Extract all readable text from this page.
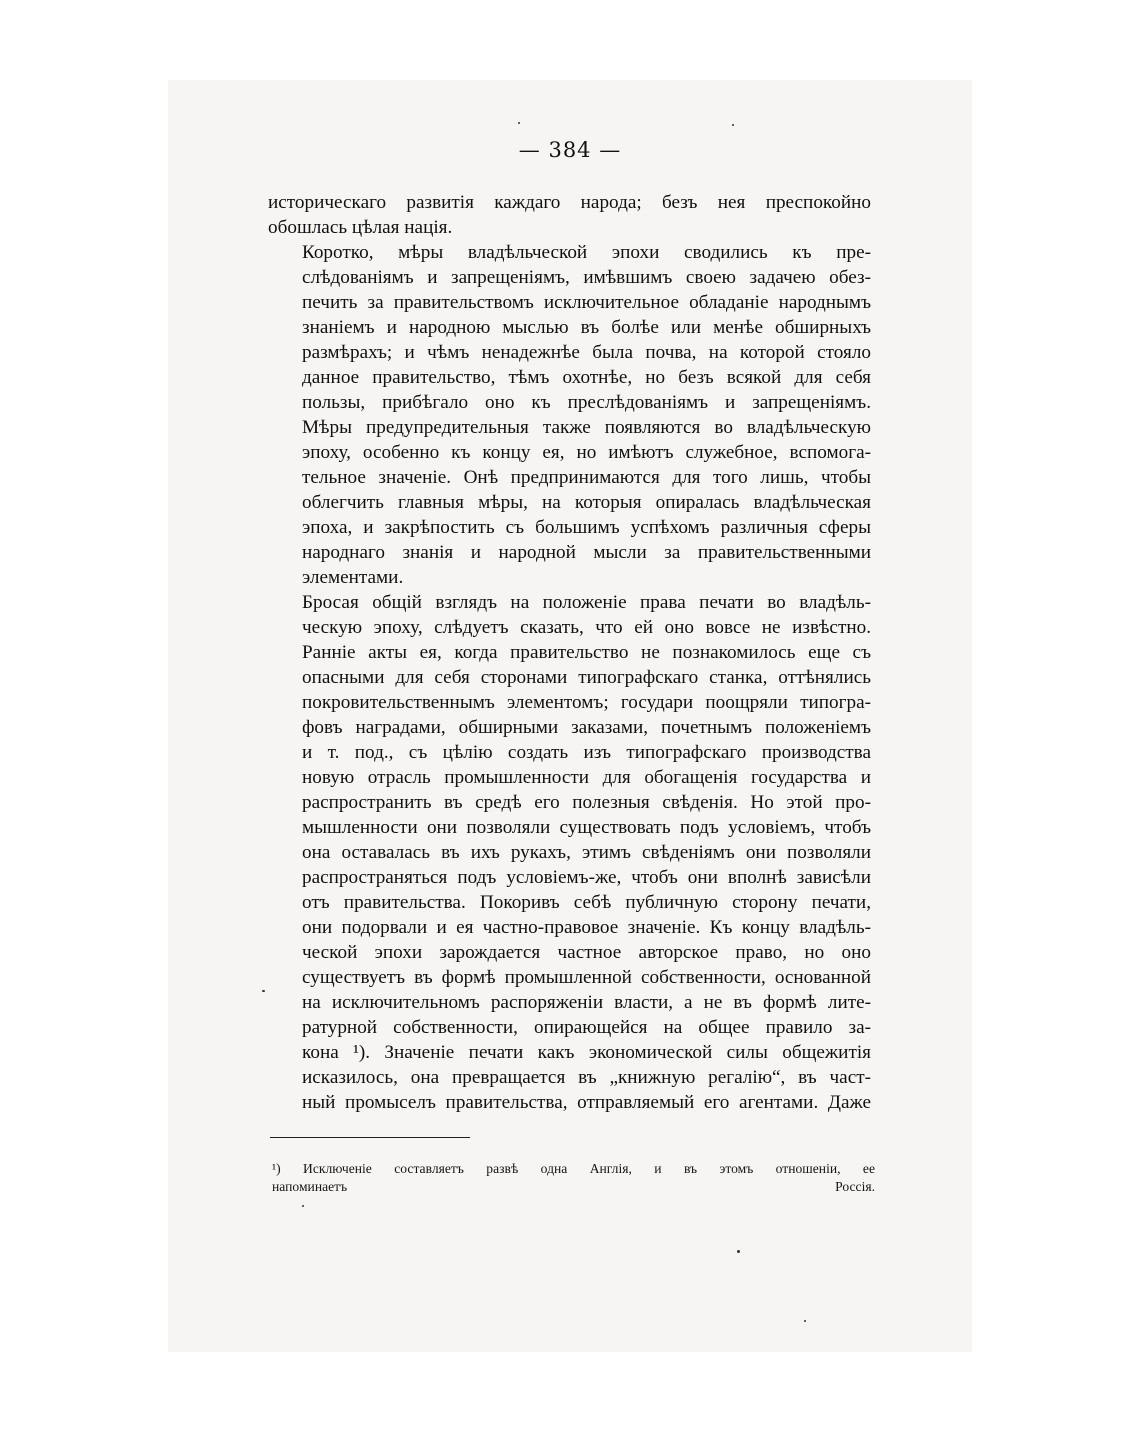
— 384 —

историческаго развитія каждаго народа; безъ нея преспокойно
обошлась цѣлая нація.

Коротко, мѣры владѣльческой эпохи сводились къ пре-
слѣдованіямъ и запрещеніямъ, имѣвшимъ своею задачею обез-
печить за правительствомъ исключительное обладаніе народнымъ
знаніемъ и народною мыслью въ болѣе или менѣе обширныхъ
размѣрахъ; и чѣмъ ненадежнѣе была почва, на которой стояло
данное правительство, тѣмъ охотнѣе, но безъ всякой для себя
пользы, прибѣгало оно къ преслѣдованіямъ и запрещеніямъ.
Мѣры предупредительныя также появляются во владѣльческую
эпоху, особенно къ концу ея, но имѣютъ служебное, вспомога-
тельное значеніе. Онѣ предпринимаются для того лишь, чтобы
облегчить главныя мѣры, на которыя опиралась владѣльческая
эпоха, и закрѣпостить съ большимъ успѣхомъ различныя сферы
народнаго знанія и народной мысли за правительственными
элементами.

Бросая общій взглядъ на положеніе права печати во владѣль-
ческую эпоху, слѣдуетъ сказать, что ей оно вовсе не извѣстно.
Ранніе акты ея, когда правительство не познакомилось еще съ
опасными для себя сторонами типографскаго станка, оттѣнялись
покровительственнымъ элементомъ; государи поощряли типогра-
фовъ наградами, обширными заказами, почетнымъ положеніемъ
и т. под., съ цѣлію создать изъ типографскаго производства
новую отрасль промышленности для обогащенія государства и
распространить въ средѣ его полезныя свѣденія. Но этой про-
мышленности они позволяли существовать подъ условіемъ, чтобъ
она оставалась въ ихъ рукахъ, этимъ свѣденіямъ они позволяли
распространяться подъ условіемъ-же, чтобъ они вполнѣ зависѣли
отъ правительства. Покоривъ себѣ публичную сторону печати,
они подорвали и ея частно-правовое значеніе. Къ концу владѣль-
ческой эпохи зарождается частное авторское право, но оно
существуетъ въ формѣ промышленной собственности, основанной
на исключительномъ распоряженіи власти, а не въ формѣ лите-
ратурной собственности, опирающейся на общее правило за-
кона ¹). Значеніе печати какъ экономической силы общежитія
исказилось, она превращается въ „книжную регалію“, въ част-
ный промыселъ правительства, отправляемый его агентами. Даже

¹) Исключеніе составляетъ развѣ одна Англія, и въ этомъ отношеніи, ее
напоминаетъ Россія.
